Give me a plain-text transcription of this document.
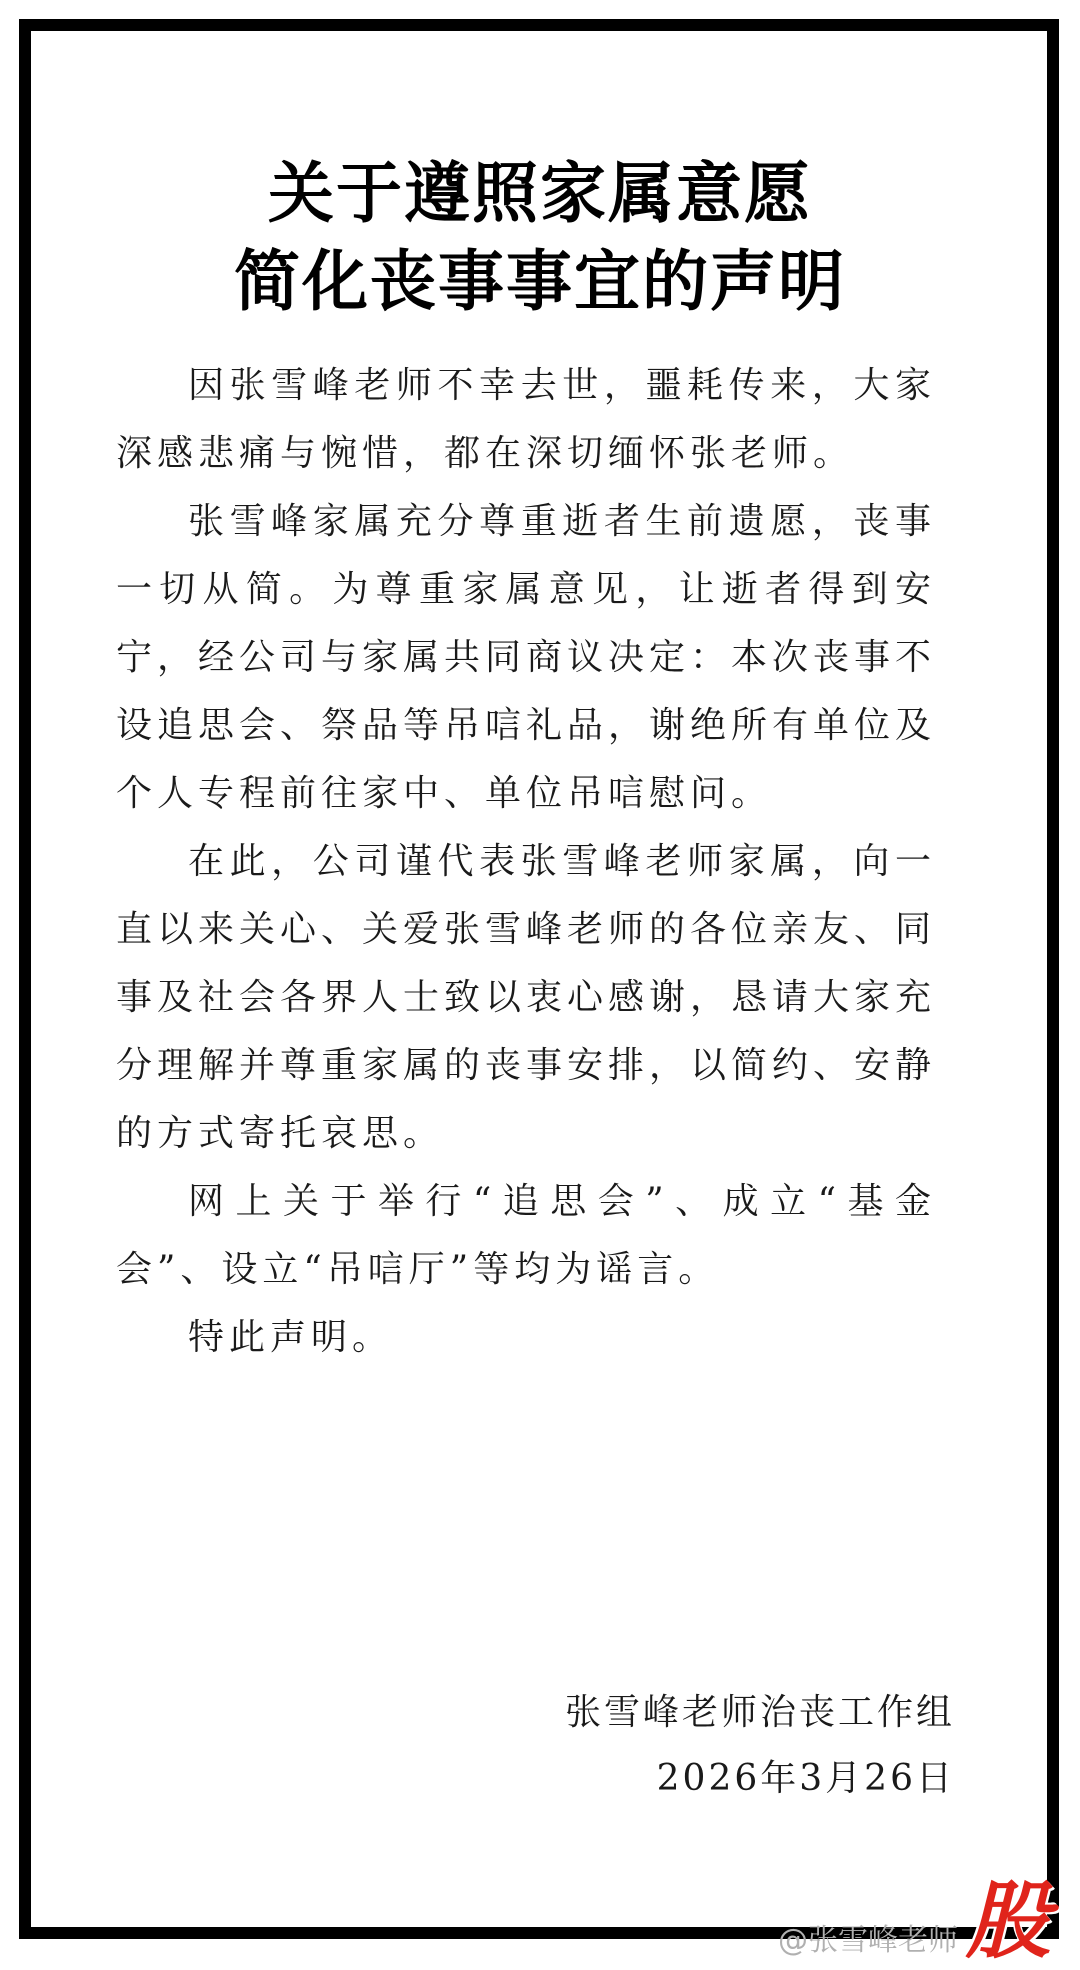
关于遵照家属意愿
简化丧事事宜的声明

因张雪峰老师不幸去世，噩耗传来，大家深感悲痛与惋惜，都在深切缅怀张老师。

张雪峰家属充分尊重逝者生前遗愿，丧事一切从简。为尊重家属意见，让逝者得到安宁，经公司与家属共同商议决定：本次丧事不设追思会、祭品等吊唁礼品，谢绝所有单位及个人专程前往家中、单位吊唁慰问。

在此，公司谨代表张雪峰老师家属，向一直以来关心、关爱张雪峰老师的各位亲友、同事及社会各界人士致以衷心感谢，恳请大家充分理解并尊重家属的丧事安排，以简约、安静的方式寄托哀思。

网上关于举行“追思会”、成立“基金会”、设立“吊唁厅”等均为谣言。

特此声明。

张雪峰老师治丧工作组
2026年3月26日
@张雪峰老师 股
